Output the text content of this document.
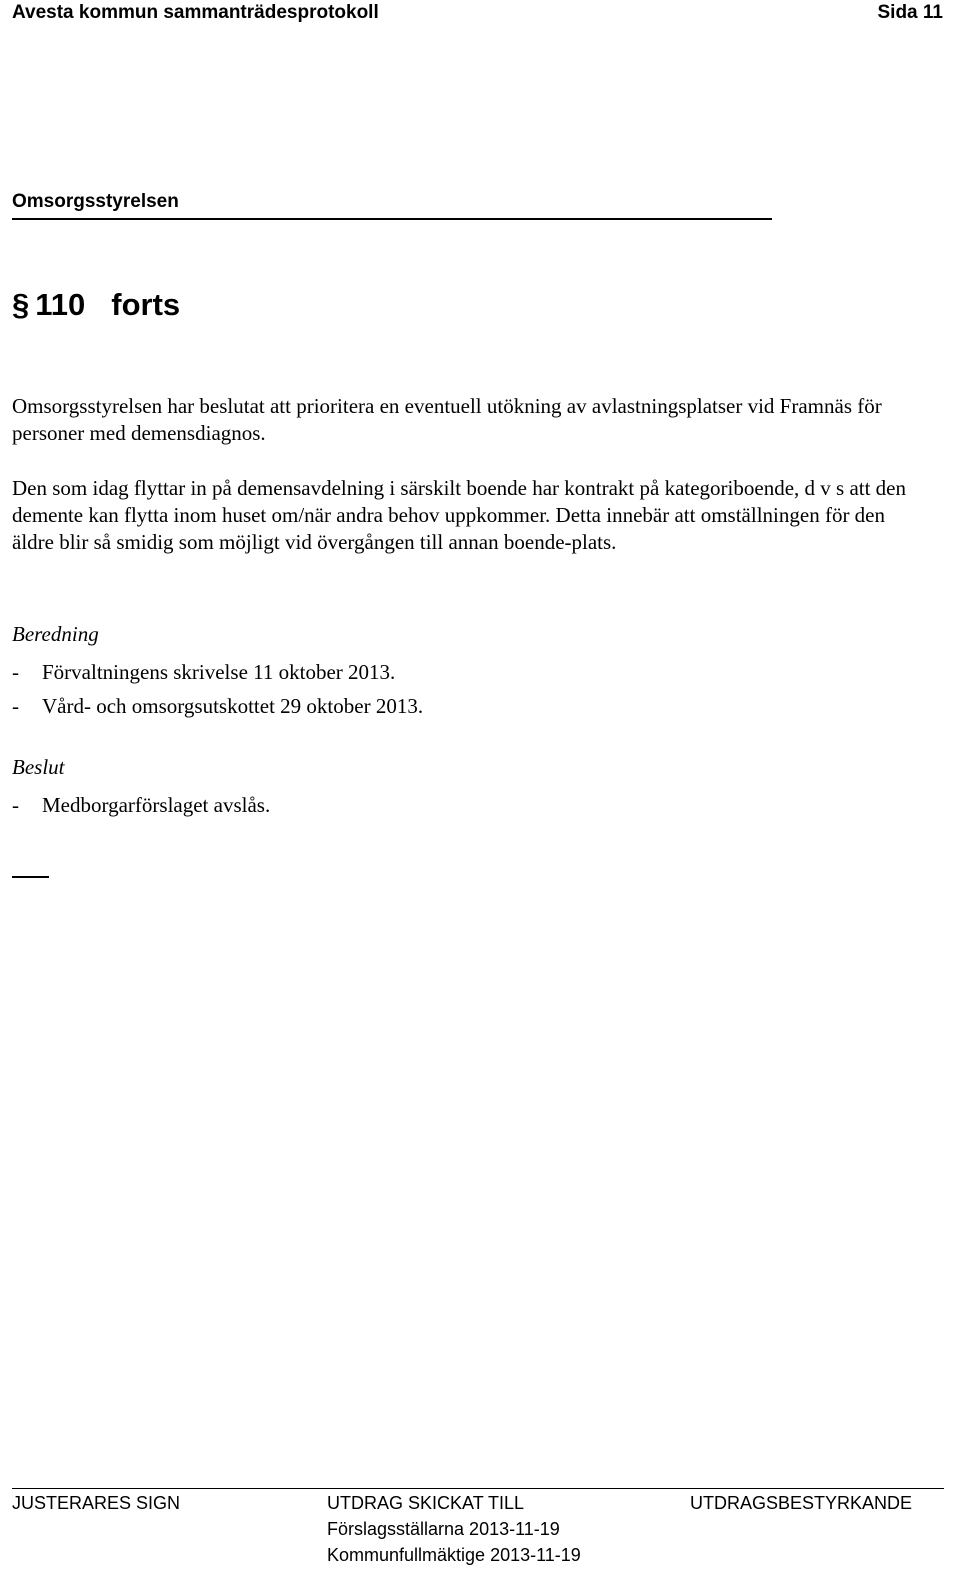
Avesta kommun sammanträdesprotokoll	Sida 11
Omsorgsstyrelsen
§ 110 forts
Omsorgsstyrelsen har beslutat att prioritera en eventuell utökning av avlastningsplatser vid Framnäs för personer med demensdiagnos.
Den som idag flyttar in på demensavdelning i särskilt boende har kontrakt på kategoriboende, d v s att den demente kan flytta inom huset om/när andra behov uppkommer. Detta innebär att omställningen för den äldre blir så smidig som möjligt vid övergången till annan boende-plats.
Beredning
- Förvaltningens skrivelse 11 oktober 2013.
- Vård- och omsorgsutskottet 29 oktober 2013.
Beslut
- Medborgarförslaget avslås.
JUSTERARES SIGN	UTDRAG SKICKAT TILL	UTDRAGSBESTYRKANDE
Förslagsställarna 2013-11-19
Kommunfullmäktige 2013-11-19
